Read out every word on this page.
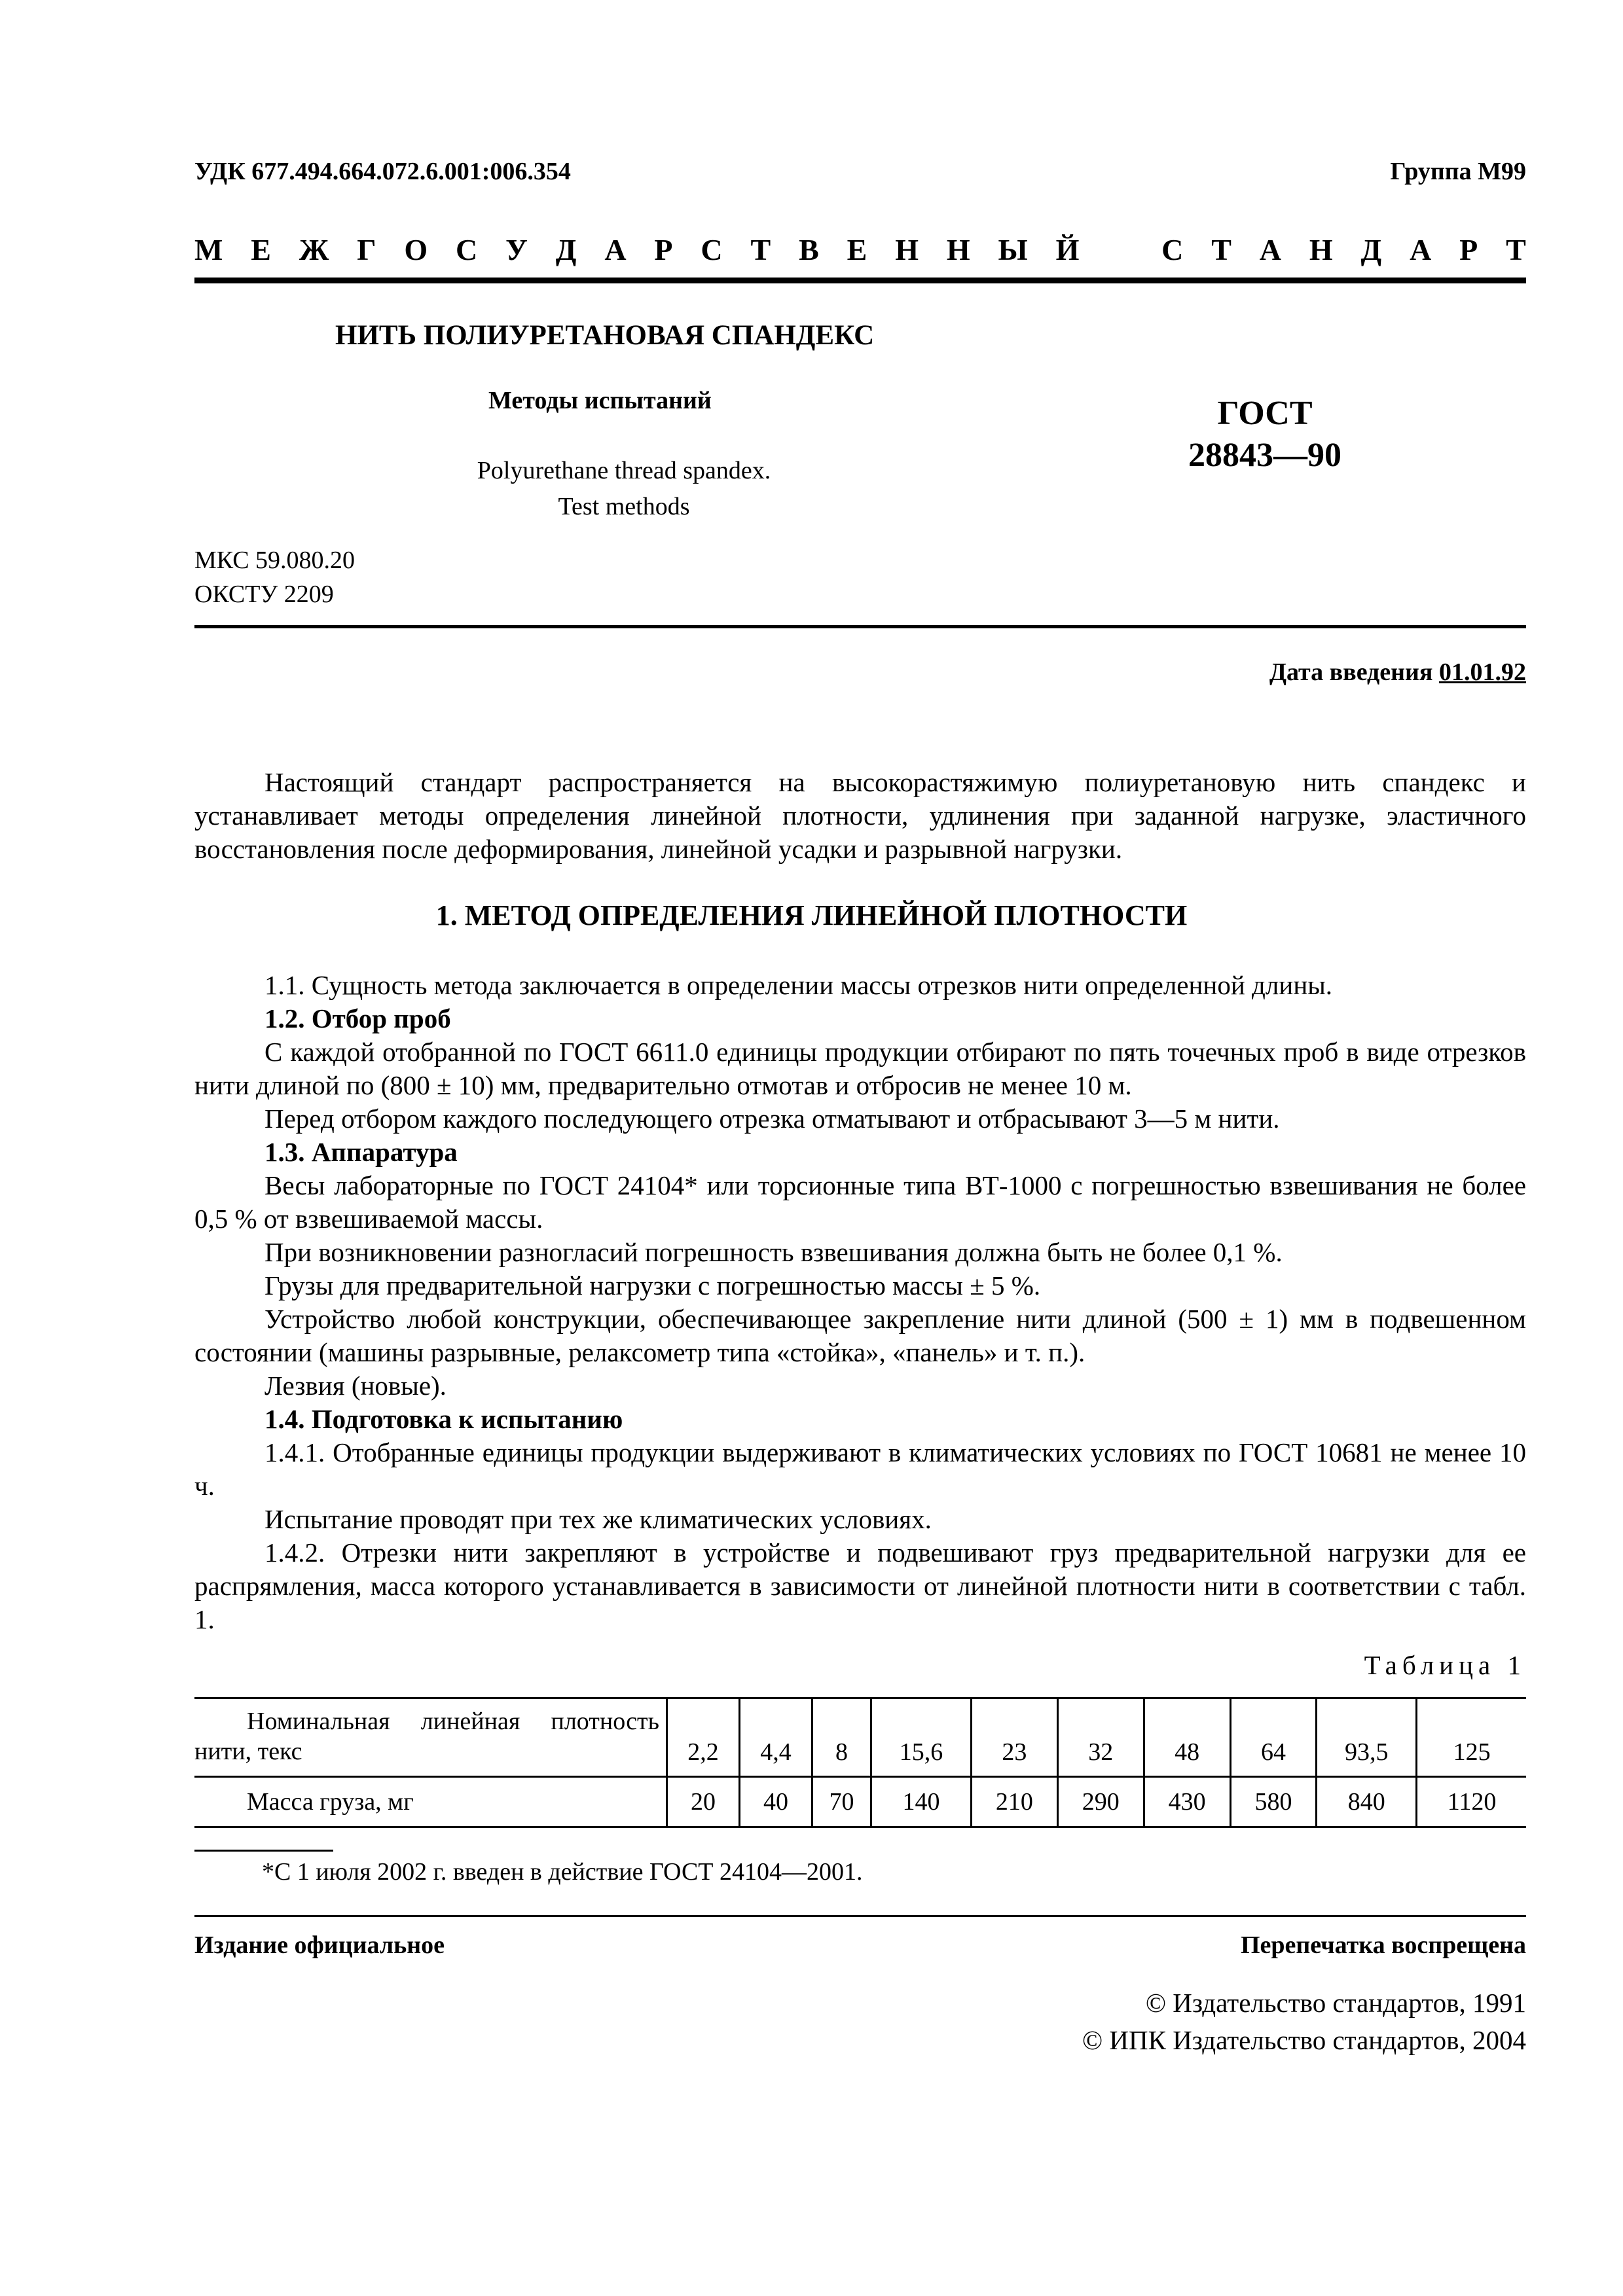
УДК 677.494.664.072.6.001:006.354	Группа М99
М Е Ж Г О С У Д А Р С Т В Е Н Н Ы Й	С Т А Н Д А Р Т
НИТЬ ПОЛИУРЕТАНОВАЯ СПАНДЕКС
Методы испытаний
Polyurethane thread spandex. Test methods
ГОСТ
28843—90
МКС 59.080.20
ОКСТУ 2209
Дата введения 01.01.92

Настоящий стандарт распространяется на высокорастяжимую полиуретановую нить спандекс и устанавливает методы определения линейной плотности, удлинения при заданной нагрузке, эластичного восстановления после деформирования, линейной усадки и разрывной нагрузки.

1. МЕТОД ОПРЕДЕЛЕНИЯ ЛИНЕЙНОЙ ПЛОТНОСТИ

1.1. Сущность метода заключается в определении массы отрезков нити определенной длины.

1.2. Отбор проб

С каждой отобранной по ГОСТ 6611.0 единицы продукции отбирают по пять точечных проб в виде отрезков нити длиной по (800 ± 10) мм, предварительно отмотав и отбросив не менее 10 м.

Перед отбором каждого последующего отрезка отматывают и отбрасывают 3—5 м нити.

1.3. Аппаратура

Весы лабораторные по ГОСТ 24104* или торсионные типа ВТ-1000 с погрешностью взвешивания не более 0,5 % от взвешиваемой массы.

При возникновении разногласий погрешность взвешивания должна быть не более 0,1 %.

Грузы для предварительной нагрузки с погрешностью массы ± 5 %.

Устройство любой конструкции, обеспечивающее закрепление нити длиной (500 ± 1) мм в подвешенном состоянии (машины разрывные, релаксометр типа «стойка», «панель» и т. п.).

Лезвия (новые).

1.4. Подготовка к испытанию

1.4.1. Отобранные единицы продукции выдерживают в климатических условиях по ГОСТ 10681 не менее 10 ч.

Испытание проводят при тех же климатических условиях.

1.4.2. Отрезки нити закрепляют в устройстве и подвешивают груз предварительной нагрузки для ее распрямления, масса которого устанавливается в зависимости от линейной плотности нити в соответствии с табл. 1.

Таблица 1
Номинальная линейная плотность
нити, текс	2,2	4,4	8	15,6	23	32	48	64	93,5	125
Масса груза, мг	20	40	70	140	210	290	430	580	840	1120
*С 1 июля 2002 г. введен в действие ГОСТ 24104—2001.
Издание официальное	Перепечатка воспрещена
© Издательство стандартов, 1991
© ИПК Издательство стандартов, 2004
